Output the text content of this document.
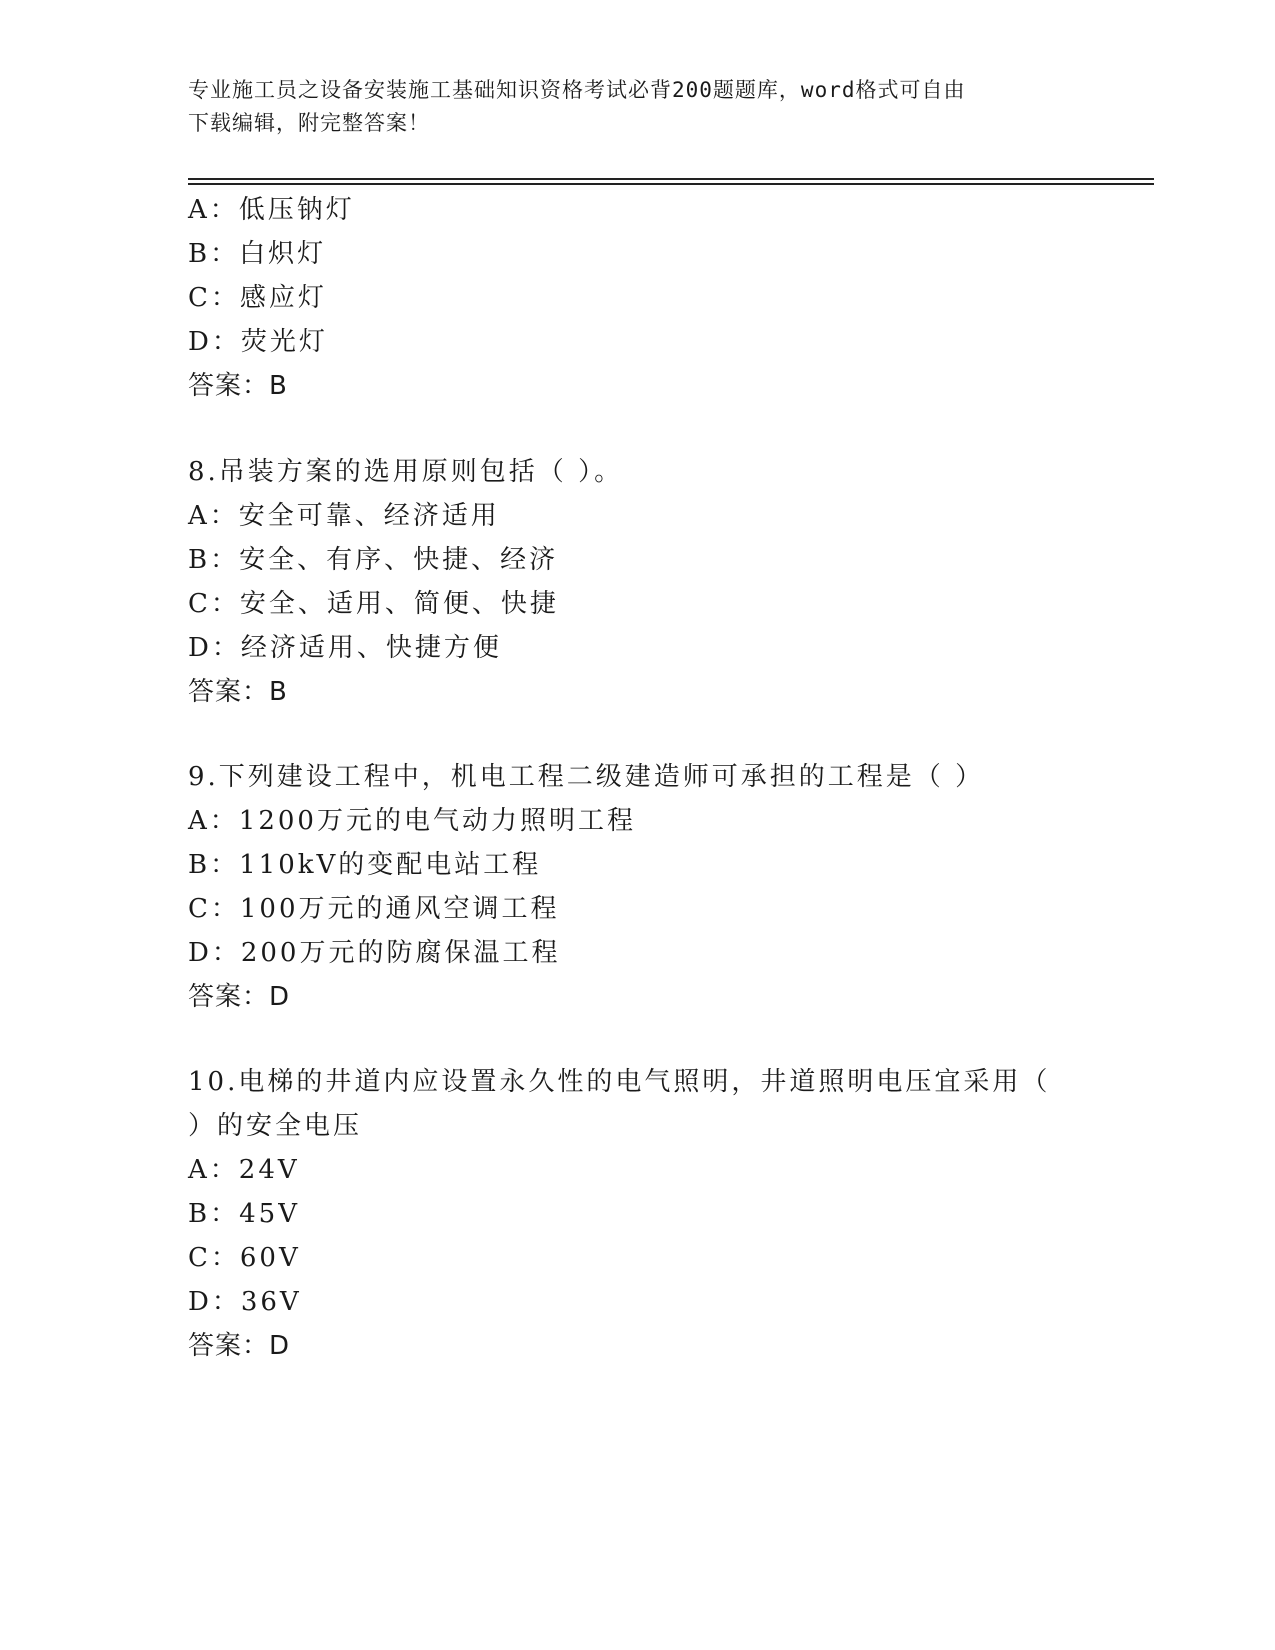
专业施工员之设备安装施工基础知识资格考试必背200题题库，word格式可自由
下载编辑，附完整答案！
A：低压钠灯
B：白炽灯
C：感应灯
D：荧光灯
答案：B
8.吊装方案的选用原则包括（ ）。
A：安全可靠、经济适用
B：安全、有序、快捷、经济
C：安全、适用、简便、快捷
D：经济适用、快捷方便
答案：B
9.下列建设工程中，机电工程二级建造师可承担的工程是（ ）
A：1200万元的电气动力照明工程
B：110kV的变配电站工程
C：100万元的通风空调工程
D：200万元的防腐保温工程
答案：D
10.电梯的井道内应设置永久性的电气照明，井道照明电压宜采用（
）的安全电压
A：24V
B：45V
C：60V
D：36V
答案：D
